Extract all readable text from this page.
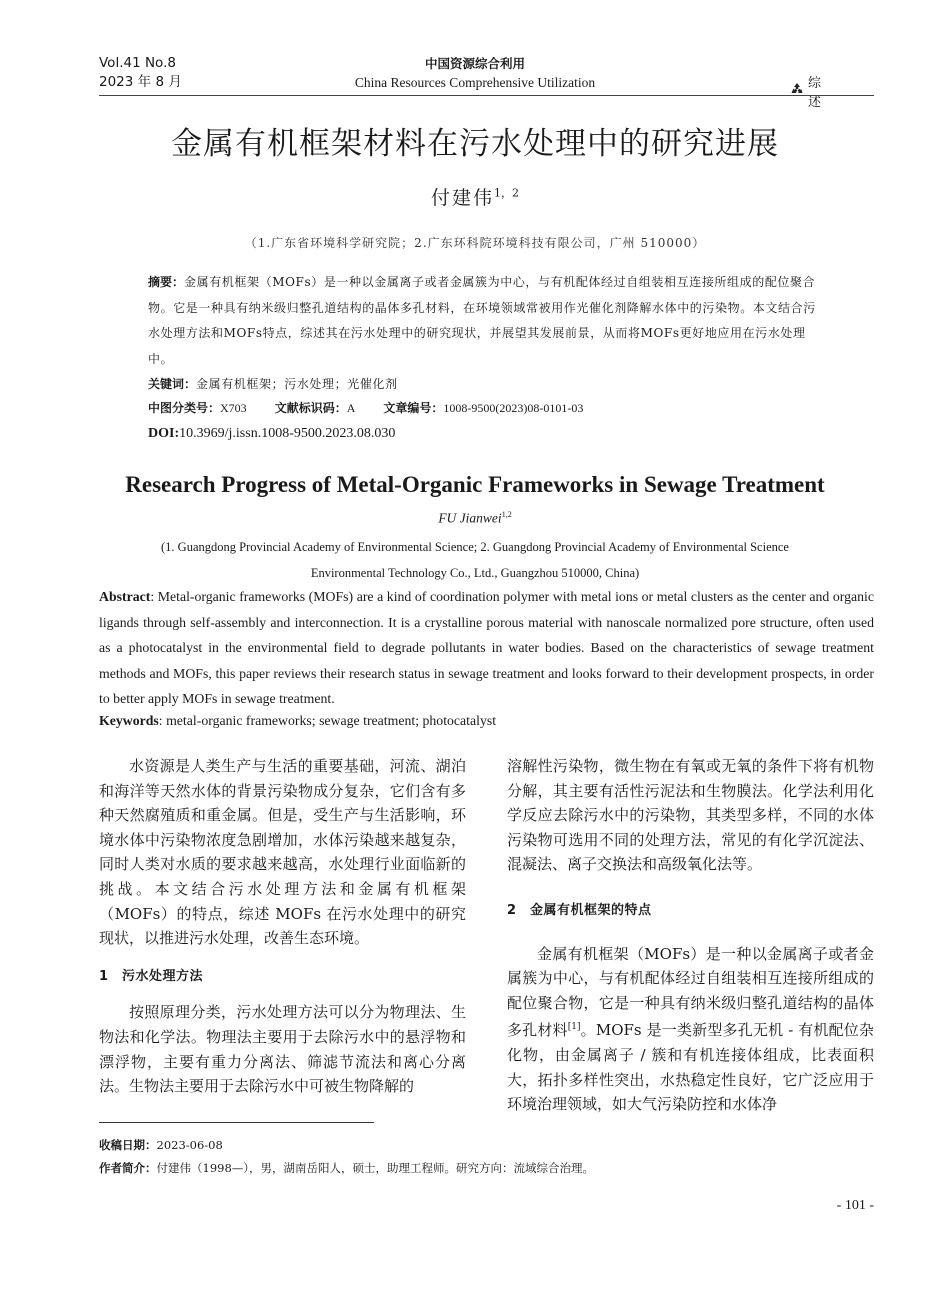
Vol.41 No.8
2023 年 8 月
中国资源综合利用
China Resources Comprehensive Utilization	综 述
金属有机框架材料在污水处理中的研究进展
付建伟$^{1,2}$
（1.广东省环境科学研究院；2.广东环科院环境科技有限公司，广州 510000）
摘要：金属有机框架（MOFs）是一种以金属离子或者金属簇为中心，与有机配体经过自组装相互连接所组成的配位聚合物。它是一种具有纳米级归整孔道结构的晶体多孔材料，在环境领域常被用作光催化剂降解水体中的污染物。本文结合污水处理方法和MOFs特点，综述其在污水处理中的研究现状，并展望其发展前景，从而将MOFs更好地应用在污水处理中。
关键词：金属有机框架；污水处理；光催化剂
中图分类号：X703 文献标识码：A 文章编号：1008-9500(2023)08-0101-03
DOI:10.3969/j.issn.1008-9500.2023.08.030
Research Progress of Metal-Organic Frameworks in Sewage Treatment
FU Jianwei$^{1,2}$
(1. Guangdong Provincial Academy of Environmental Science; 2. Guangdong Provincial Academy of Environmental Science
Environmental Technology Co., Ltd., Guangzhou 510000, China)
Abstract: Metal-organic frameworks (MOFs) are a kind of coordination polymer with metal ions or metal clusters as the center and organic ligands through self-assembly and interconnection. It is a crystalline porous material with nanoscale normalized pore structure, often used as a photocatalyst in the environmental field to degrade pollutants in water bodies. Based on the characteristics of sewage treatment methods and MOFs, this paper reviews their research status in sewage treatment and looks forward to their development prospects, in order to better apply MOFs in sewage treatment.
Keywords: metal-organic frameworks; sewage treatment; photocatalyst

水资源是人类生产与生活的重要基础，河流、湖泊和海洋等天然水体的背景污染物成分复杂，它们含有多种天然腐殖质和重金属。但是，受生产与生活影响，环境水体中污染物浓度急剧增加，水体污染越来越复杂，同时人类对水质的要求越来越高，水处理行业面临新的挑战。本文结合污水处理方法和金属有机框架（MOFs）的特点，综述 MOFs 在污水处理中的研究现状，以推进污水处理，改善生态环境。

1　污水处理方法

按照原理分类，污水处理方法可以分为物理法、生物法和化学法。物理法主要用于去除污水中的悬浮物和漂浮物，主要有重力分离法、筛滤节流法和离心分离法。生物法主要用于去除污水中可被生物降解的

溶解性污染物，微生物在有氧或无氧的条件下将有机物分解，其主要有活性污泥法和生物膜法。化学法利用化学反应去除污水中的污染物，其类型多样，不同的水体污染物可选用不同的处理方法，常见的有化学沉淀法、混凝法、离子交换法和高级氧化法等。

2　金属有机框架的特点

金属有机框架（MOFs）是一种以金属离子或者金属簇为中心，与有机配体经过自组装相互连接所组成的配位聚合物，它是一种具有纳米级归整孔道结构的晶体多孔材料[1]。MOFs 是一类新型多孔无机 - 有机配位杂化物，由金属离子 / 簇和有机连接体组成，比表面积大，拓扑多样性突出，水热稳定性良好，它广泛应用于环境治理领域，如大气污染防控和水体净

收稿日期：2023-06-08
作者简介：付建伟（1998—），男，湖南岳阳人，硕士，助理工程师。研究方向：流域综合治理。
- 101 -
